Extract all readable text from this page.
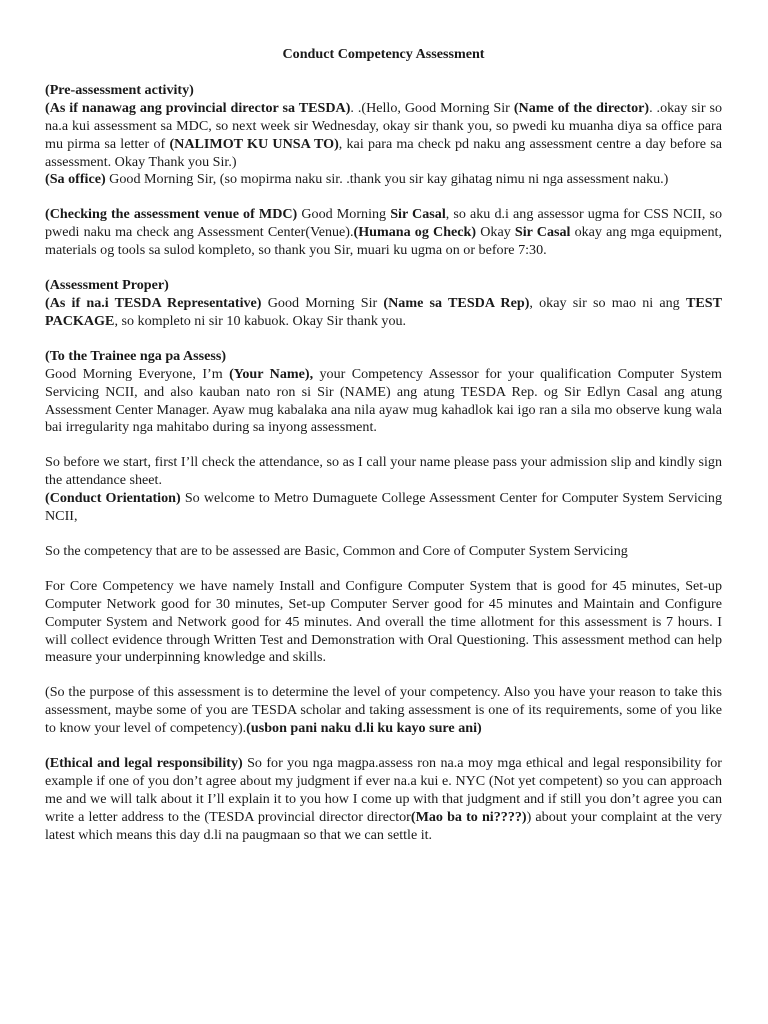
Conduct Competency Assessment

(Pre-assessment activity)

(As if nanawag ang provincial director sa TESDA). .(Hello, Good Morning Sir (Name of the director). .okay sir so na.a kui assessment sa MDC, so next week sir Wednesday, okay sir thank you, so pwedi ku muanha diya sa office para mu pirma sa letter of (NALIMOT KU UNSA TO), kai para ma check pd naku ang assessment centre a day before sa assessment. Okay Thank you Sir.)

(Sa office) Good Morning Sir, (so mopirma naku sir. .thank you sir kay gihatag nimu ni nga assessment naku.)

(Checking the assessment venue of MDC) Good Morning Sir Casal, so aku d.i ang assessor ugma for CSS NCII, so pwedi naku ma check ang Assessment Center(Venue).(Humana og Check) Okay Sir Casal okay ang mga equipment, materials og tools sa sulod kompleto, so thank you Sir, muari ku ugma on or before 7:30.

(Assessment Proper)

(As if na.i TESDA Representative) Good Morning Sir (Name sa TESDA Rep), okay sir so mao ni ang TEST PACKAGE, so kompleto ni sir 10 kabuok. Okay Sir thank you.

(To the Trainee nga pa Assess)

Good Morning Everyone, I’m (Your Name), your Competency Assessor for your qualification Computer System Servicing NCII, and also kauban nato ron si Sir (NAME) ang atung TESDA Rep. og Sir Edlyn Casal ang atung Assessment Center Manager. Ayaw mug kabalaka ana nila ayaw mug kahadlok kai igo ran a sila mo observe kung wala bai irregularity nga mahitabo during sa inyong assessment.

So before we start, first I’ll check the attendance, so as I call your name please pass your admission slip and kindly sign the attendance sheet.

(Conduct Orientation) So welcome to Metro Dumaguete College Assessment Center for Computer System Servicing NCII,

So the competency that are to be assessed are Basic, Common and Core of Computer System Servicing

For Core Competency we have namely Install and Configure Computer System that is good for 45 minutes, Set-up Computer Network good for 30 minutes, Set-up Computer Server good for 45 minutes and Maintain and Configure Computer System and Network good for 45 minutes. And overall the time allotment for this assessment is 7 hours. I will collect evidence through Written Test and Demonstration with Oral Questioning. This assessment method can help measure your underpinning knowledge and skills.

(So the purpose of this assessment is to determine the level of your competency. Also you have your reason to take this assessment, maybe some of you are TESDA scholar and taking assessment is one of its requirements, some of you like to know your level of competency).(usbon pani naku d.li ku kayo sure ani)

(Ethical and legal responsibility) So for you nga magpa.assess ron na.a moy mga ethical and legal responsibility for example if one of you don’t agree about my judgment if ever na.a kui e. NYC (Not yet competent) so you can approach me and we will talk about it I’ll explain it to you how I come up with that judgment and if still you don’t agree you can write a letter address to the (TESDA provincial director director(Mao ba to ni????)) about your complaint at the very latest which means this day d.li na paugmaan so that we can settle it.
